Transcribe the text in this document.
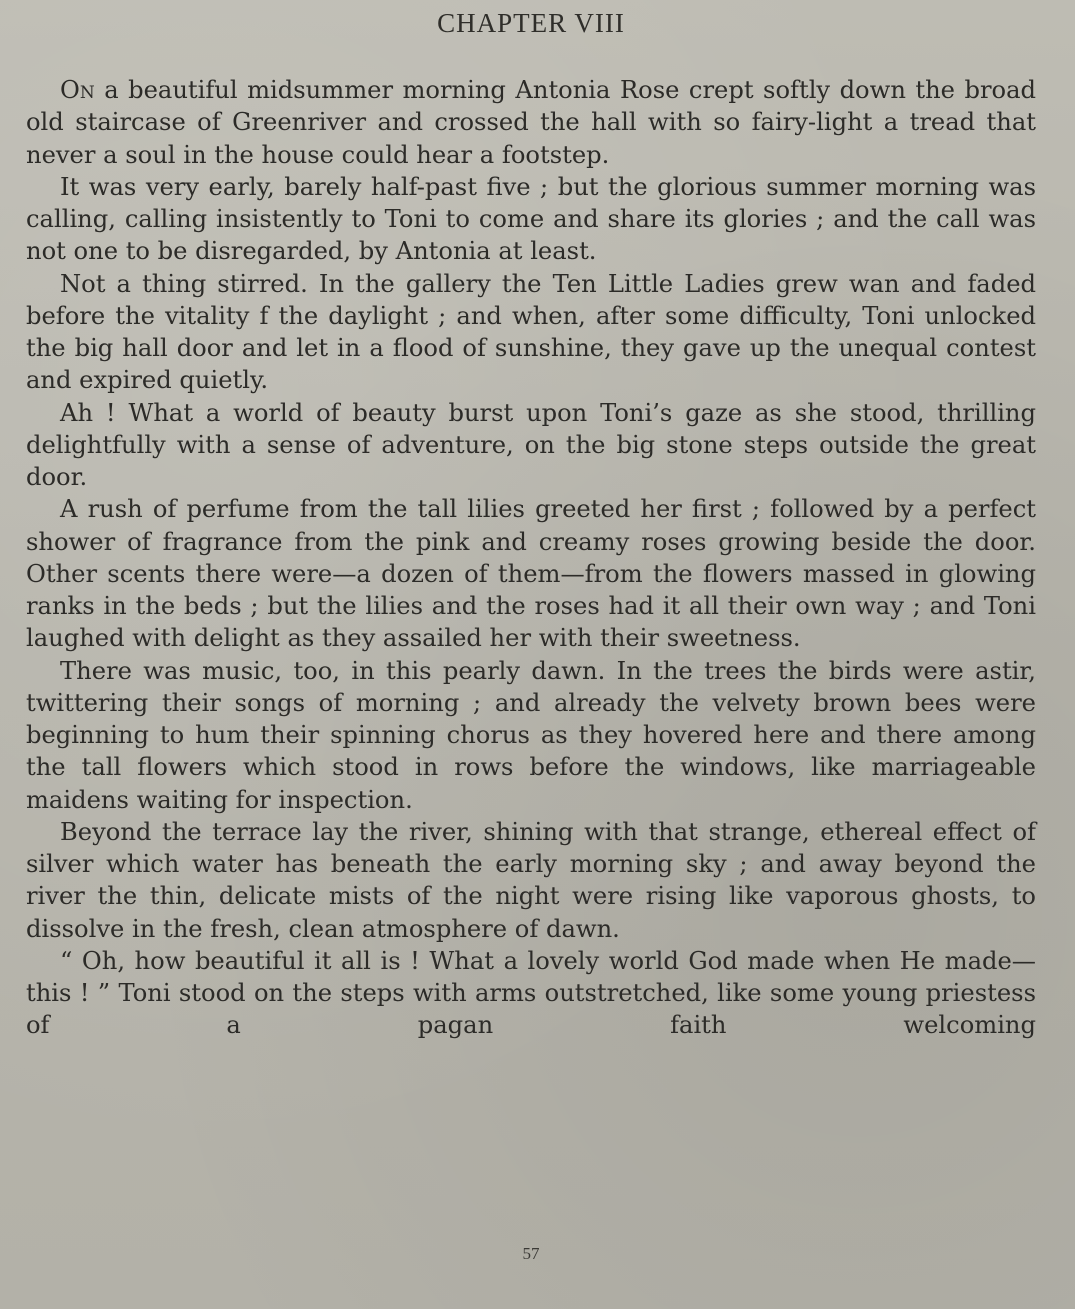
CHAPTER VIII

On a beautiful midsummer morning Antonia Rose crept softly down the broad old staircase of Greenriver and crossed the hall with so fairy-light a tread that never a soul in the house could hear a footstep.

It was very early, barely half-past five ; but the glorious summer morning was calling, calling insistently to Toni to come and share its glories ; and the call was not one to be disregarded, by Antonia at least.

Not a thing stirred. In the gallery the Ten Little Ladies grew wan and faded before the vitality f the daylight ; and when, after some difficulty, Toni unlocked the big hall door and let in a flood of sunshine, they gave up the unequal contest and expired quietly.

Ah ! What a world of beauty burst upon Toni’s gaze as she stood, thrilling delightfully with a sense of adventure, on the big stone steps outside the great door.

A rush of perfume from the tall lilies greeted her first ; followed by a perfect shower of fragrance from the pink and creamy roses growing beside the door. Other scents there were—a dozen of them—from the flowers massed in glowing ranks in the beds ; but the lilies and the roses had it all their own way ; and Toni laughed with delight as they assailed her with their sweetness.

There was music, too, in this pearly dawn. In the trees the birds were astir, twittering their songs of morning ; and already the velvety brown bees were beginning to hum their spinning chorus as they hovered here and there among the tall flowers which stood in rows before the windows, like marriageable maidens waiting for inspection.

Beyond the terrace lay the river, shining with that strange, ethereal effect of silver which water has beneath the early morning sky ; and away beyond the river the thin, delicate mists of the night were rising like vaporous ghosts, to dissolve in the fresh, clean atmosphere of dawn.

“ Oh, how beautiful it all is ! What a lovely world God made when He made—this ! ” Toni stood on the steps with arms outstretched, like some young priestess of a pagan faith welcoming

57
